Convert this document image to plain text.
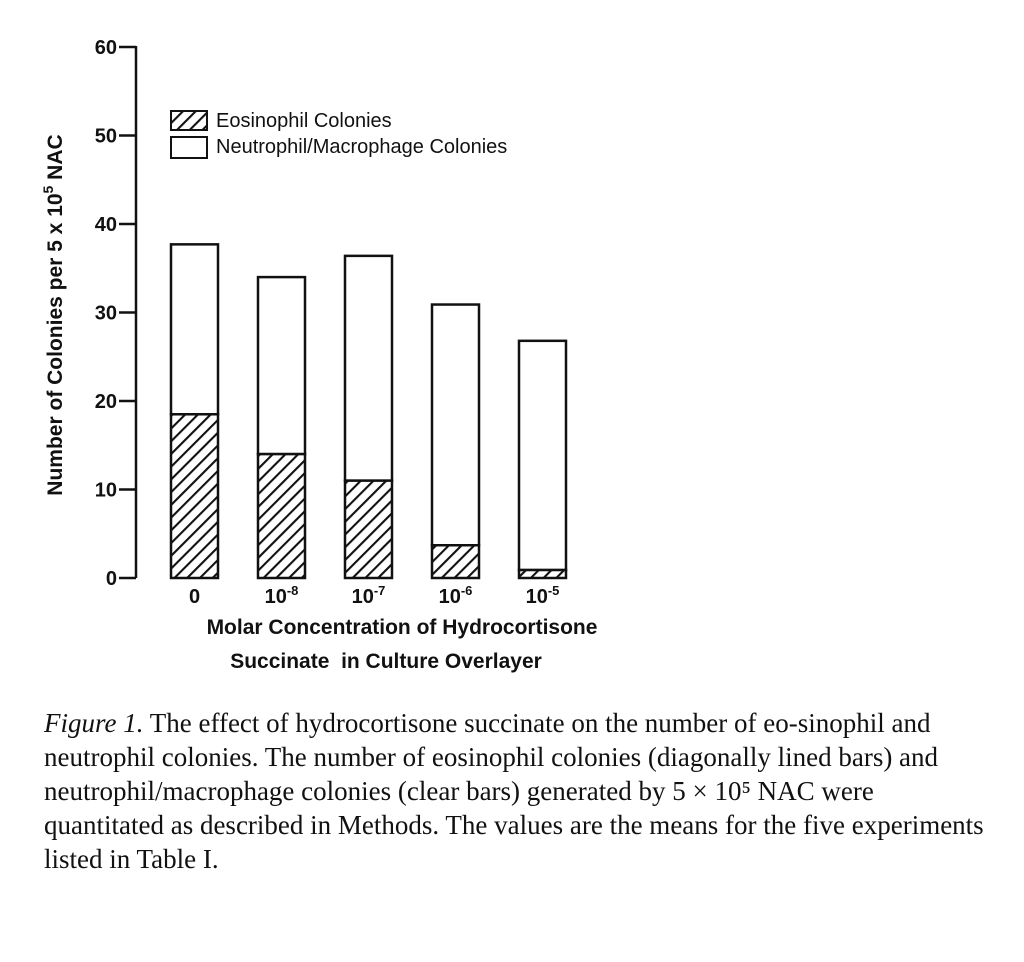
Number of Colonies per 5 x $10^5$ NAC
0
10
20
30
40
50
60
0	$10^{-8}$	$10^{-7}$	$10^{-6}$	$10^{-5}$
Eosinophil Colonies
Neutrophil/Macrophage Colonies
Molar Concentration of Hydrocortisone
Succinate  in Culture Overlayer
Figure 1. The effect of hydrocortisone succinate on the number of eo-sinophil and neutrophil colonies. The number of eosinophil colonies (diagonally lined bars) and neutrophil/macrophage colonies (clear bars) generated by 5 × 10⁵ NAC were quantitated as described in Methods. The values are the means for the five experiments listed in Table I.
